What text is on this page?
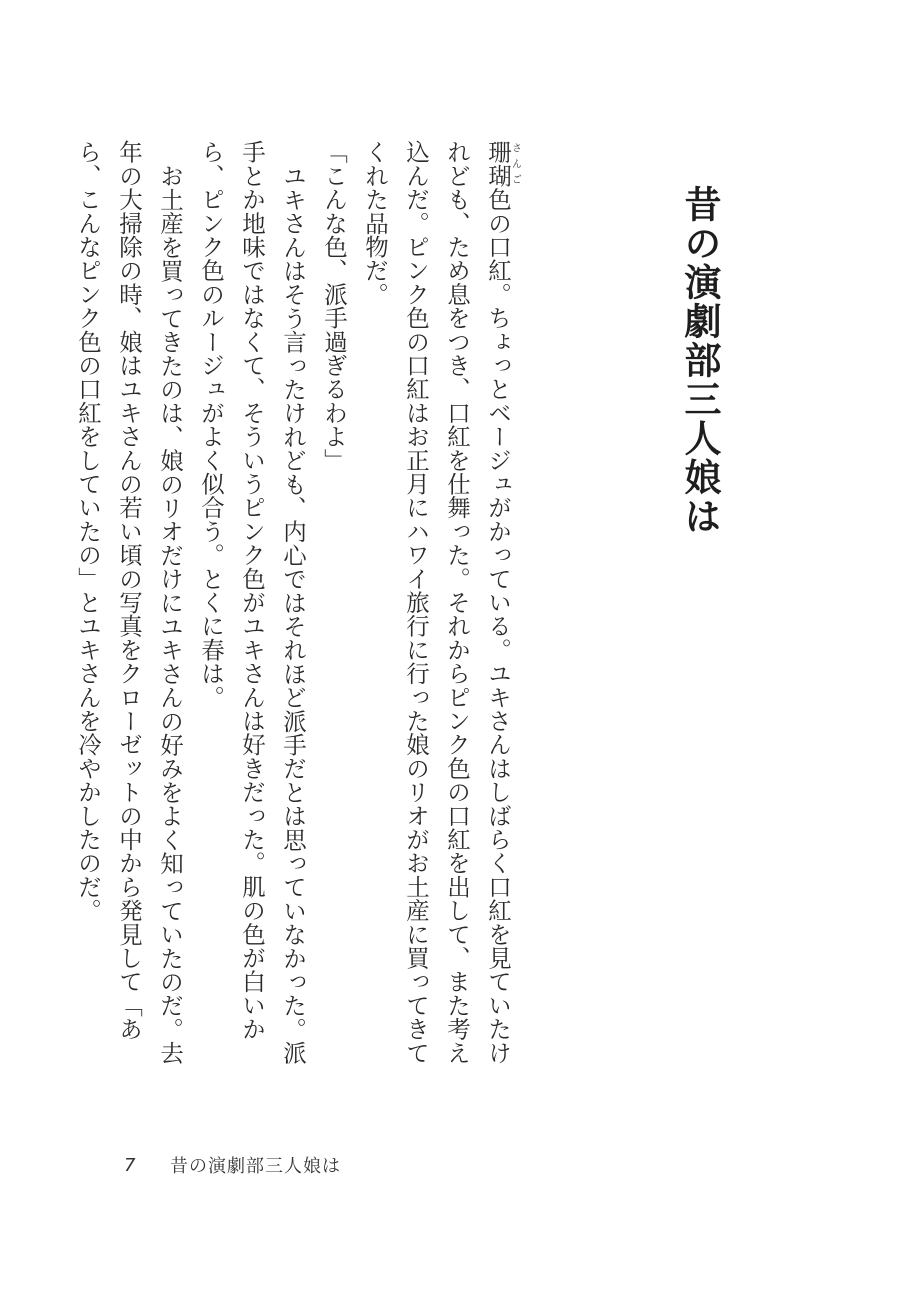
昔の演劇部三人娘は

珊瑚さんご色の口紅。ちょっとベージュがかっている。ユキさんはしばらく口紅を見ていたけれども、ため息をつき、口紅を仕舞った。それからピンク色の口紅を出して、また考え込んだ。ピンク色の口紅はお正月にハワイ旅行に行った娘のリオがお土産に買ってきてくれた品物だ。

「こんな色、派手過ぎるわよ」

ユキさんはそう言ったけれども、内心ではそれほど派手だとは思っていなかった。派手とか地味ではなくて、そういうピンク色がユキさんは好きだった。肌の色が白いから、ピンク色のルージュがよく似合う。とくに春は。

お土産を買ってきたのは、娘のリオだけにユキさんの好みをよく知っていたのだ。去年の大掃除の時、娘はユキさんの若い頃の写真をクローゼットの中から発見して「あら、こんなピンク色の口紅をしていたの」とユキさんを冷やかしたのだ。

7	昔の演劇部三人娘は
